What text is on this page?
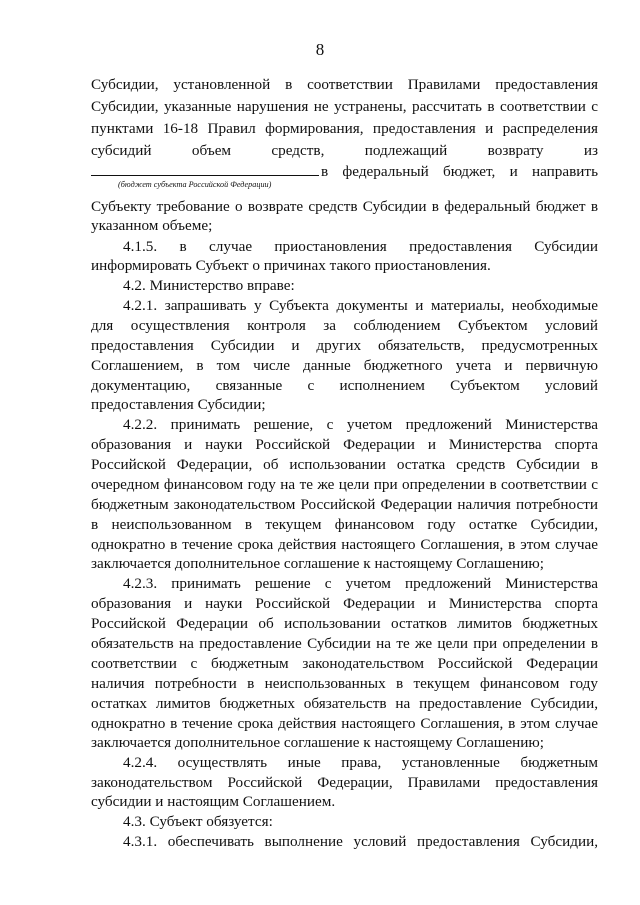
8
Субсидии, установленной в соответствии Правилами предоставления
Субсидии, указанные нарушения не устранены, рассчитать в соответствии с
пунктами 16-18 Правил формирования, предоставления и распределения
субсидий объем средств, подлежащий возврату из
в федеральный бюджет, и направить
(бюджет субъекта Российской Федерации)
Субъекту требование о возврате средств Субсидии в федеральный бюджет в
указанном объеме;
4.1.5. в случае приостановления предоставления Субсидии
информировать Субъект о причинах такого приостановления.
4.2. Министерство вправе:
4.2.1. запрашивать у Субъекта документы и материалы, необходимые
для осуществления контроля за соблюдением Субъектом условий
предоставления Субсидии и других обязательств, предусмотренных
Соглашением, в том числе данные бюджетного учета и первичную
документацию, связанные с исполнением Субъектом условий
предоставления Субсидии;
4.2.2. принимать решение, с учетом предложений Министерства
образования и науки Российской Федерации и Министерства спорта
Российской Федерации, об использовании остатка средств Субсидии в
очередном финансовом году на те же цели при определении в соответствии с
бюджетным законодательством Российской Федерации наличия потребности
в неиспользованном в текущем финансовом году остатке Субсидии,
однократно в течение срока действия настоящего Соглашения, в этом случае
заключается дополнительное соглашение к настоящему Соглашению;
4.2.3. принимать решение с учетом предложений Министерства
образования и науки Российской Федерации и Министерства спорта
Российской Федерации об использовании остатков лимитов бюджетных
обязательств на предоставление Субсидии на те же цели при определении в
соответствии с бюджетным законодательством Российской Федерации
наличия потребности в неиспользованных в текущем финансовом году
остатках лимитов бюджетных обязательств на предоставление Субсидии,
однократно в течение срока действия настоящего Соглашения, в этом случае
заключается дополнительное соглашение к настоящему Соглашению;
4.2.4. осуществлять иные права, установленные бюджетным
законодательством Российской Федерации, Правилами предоставления
субсидии и настоящим Соглашением.
4.3. Субъект обязуется:
4.3.1. обеспечивать выполнение условий предоставления Субсидии,
